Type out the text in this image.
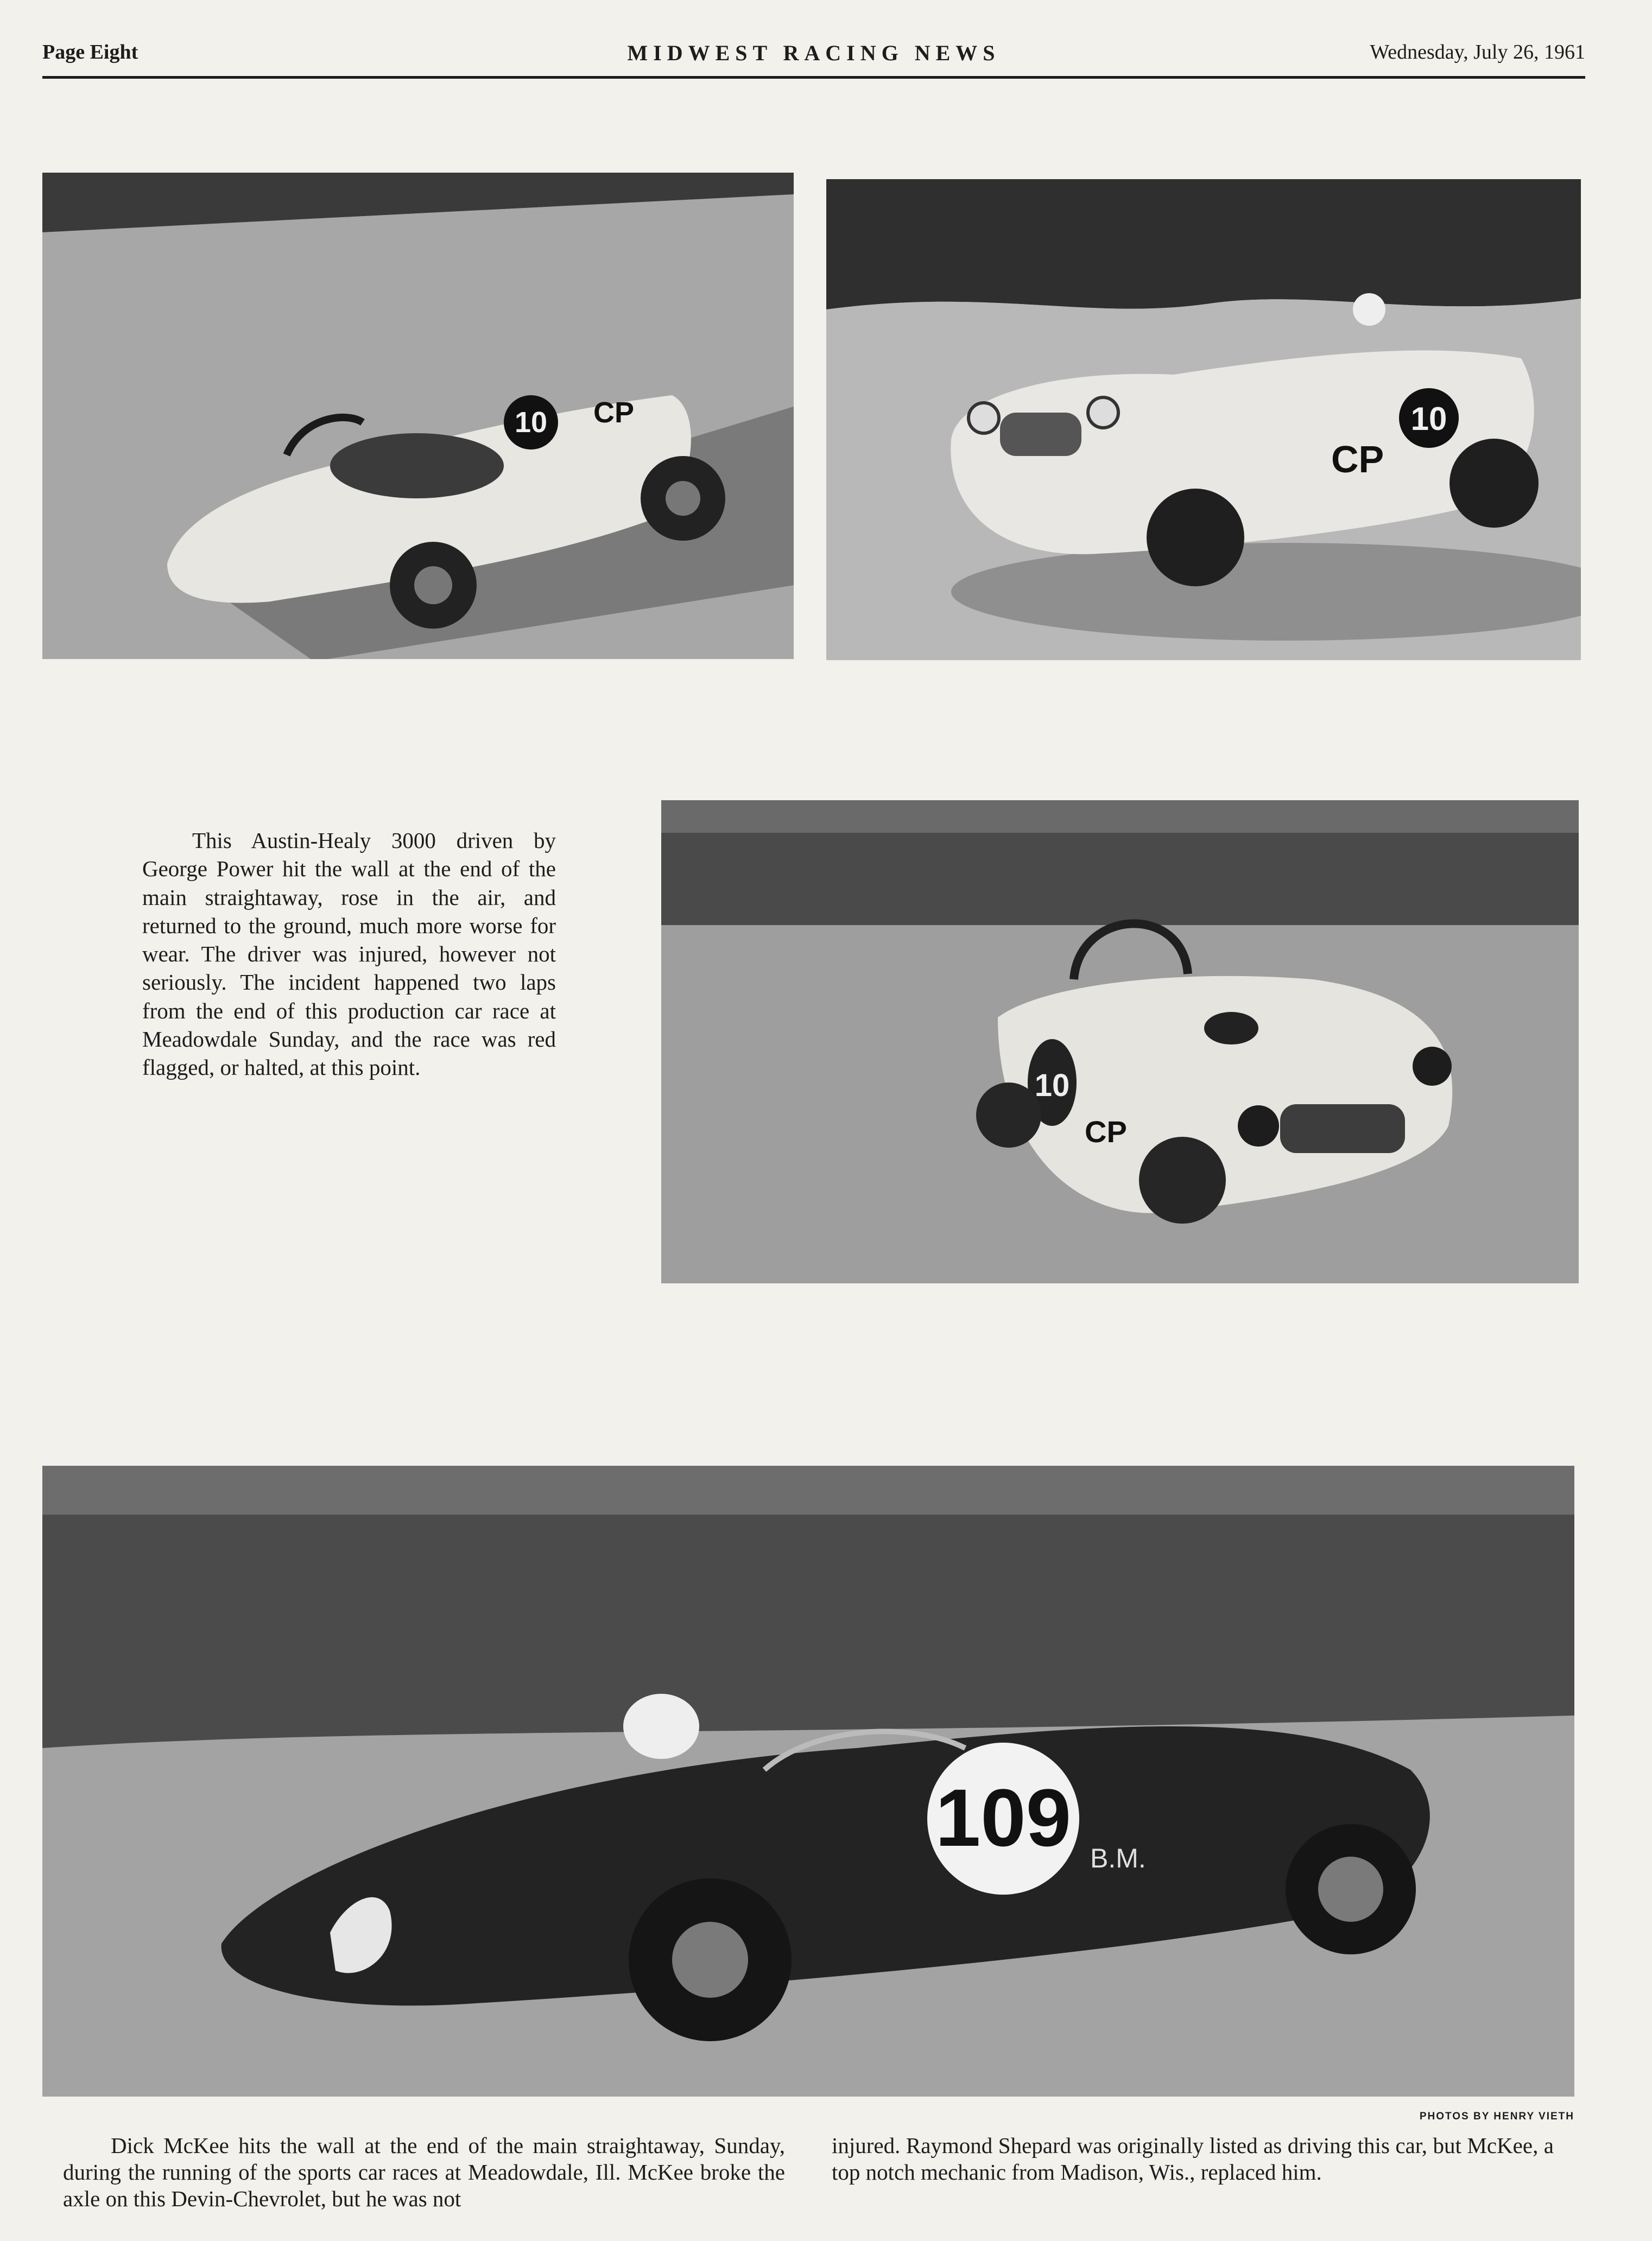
Page Eight	MIDWEST RACING NEWS	Wednesday, July 26, 1961
10 CP	10
CP
10
CP
This Austin-Healy 3000 driven by George Power hit the wall at the end of the main straightaway, rose in the air, and returned to the ground, much more worse for wear. The driver was injured, however not seriously. The incident happened two laps from the end of this production car race at Meadowdale Sunday, and the race was red flagged, or halted, at this point.
109 B.M.
PHOTOS BY HENRY VIETH
Dick McKee hits the wall at the end of the main straightaway, Sunday, during the running of the sports car races at Meadowdale, Ill. McKee broke the axle on this Devin-Chevrolet, but he was not
injured. Raymond Shepard was originally listed as driving this car, but McKee, a top notch mechanic from Madison, Wis., replaced him.
